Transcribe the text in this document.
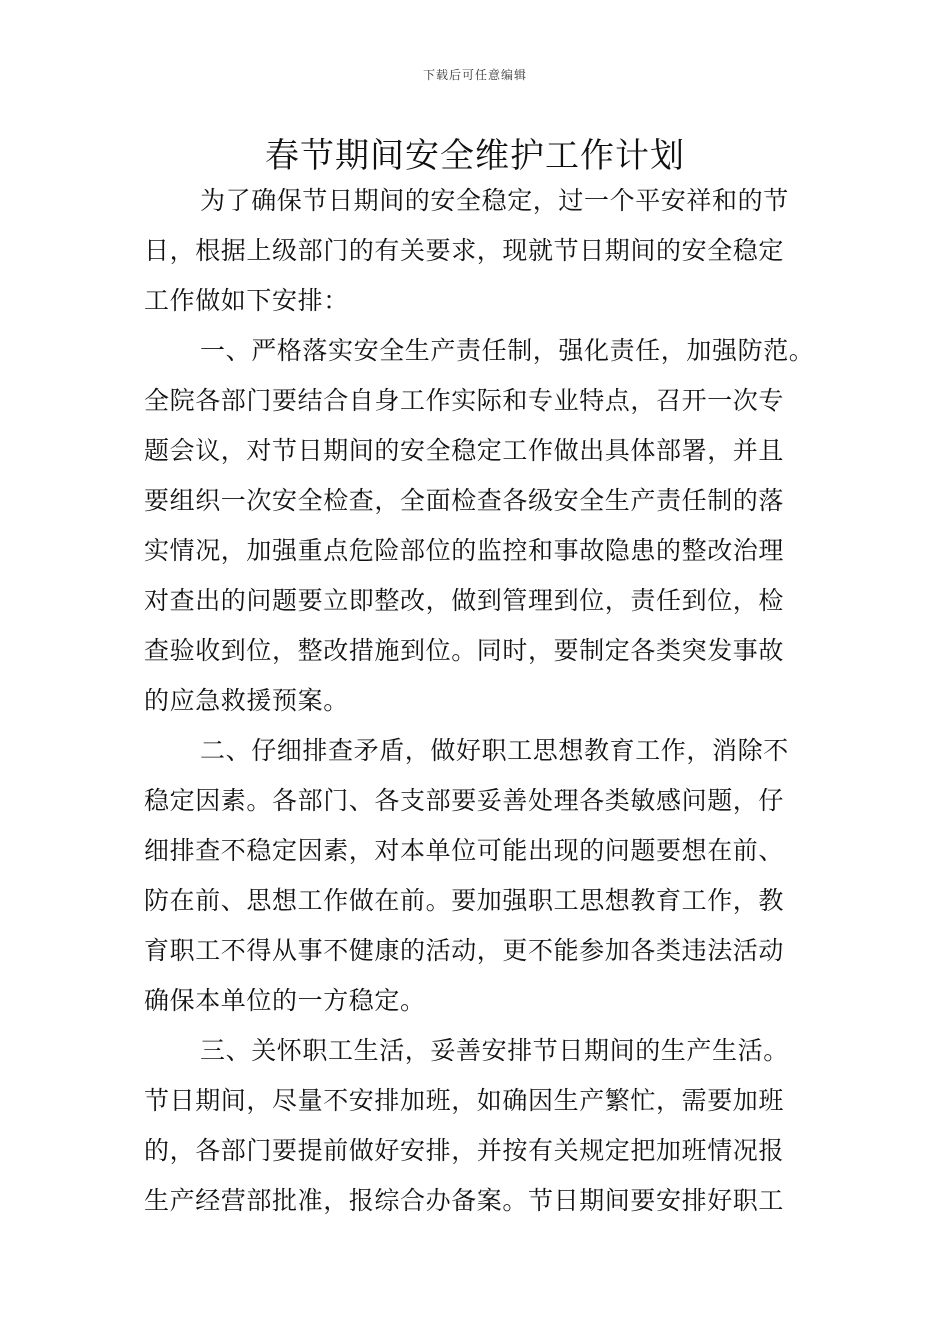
下载后可任意编辑
春节期间安全维护工作计划
为了确保节日期间的安全稳定，过一个平安祥和的节
日，根据上级部门的有关要求，现就节日期间的安全稳定
工作做如下安排：
一、严格落实安全生产责任制，强化责任，加强防范。
全院各部门要结合自身工作实际和专业特点，召开一次专
题会议，对节日期间的安全稳定工作做出具体部署，并且
要组织一次安全检查，全面检查各级安全生产责任制的落
实情况，加强重点危险部位的监控和事故隐患的整改治理
对查出的问题要立即整改，做到管理到位，责任到位，检
查验收到位，整改措施到位。同时，要制定各类突发事故
的应急救援预案。
二、仔细排查矛盾，做好职工思想教育工作，消除不
稳定因素。各部门、各支部要妥善处理各类敏感问题，仔
细排查不稳定因素，对本单位可能出现的问题要想在前、
防在前、思想工作做在前。要加强职工思想教育工作，教
育职工不得从事不健康的活动，更不能参加各类违法活动
确保本单位的一方稳定。
三、关怀职工生活，妥善安排节日期间的生产生活。
节日期间，尽量不安排加班，如确因生产繁忙，需要加班
的，各部门要提前做好安排，并按有关规定把加班情况报
生产经营部批准，报综合办备案。节日期间要安排好职工
